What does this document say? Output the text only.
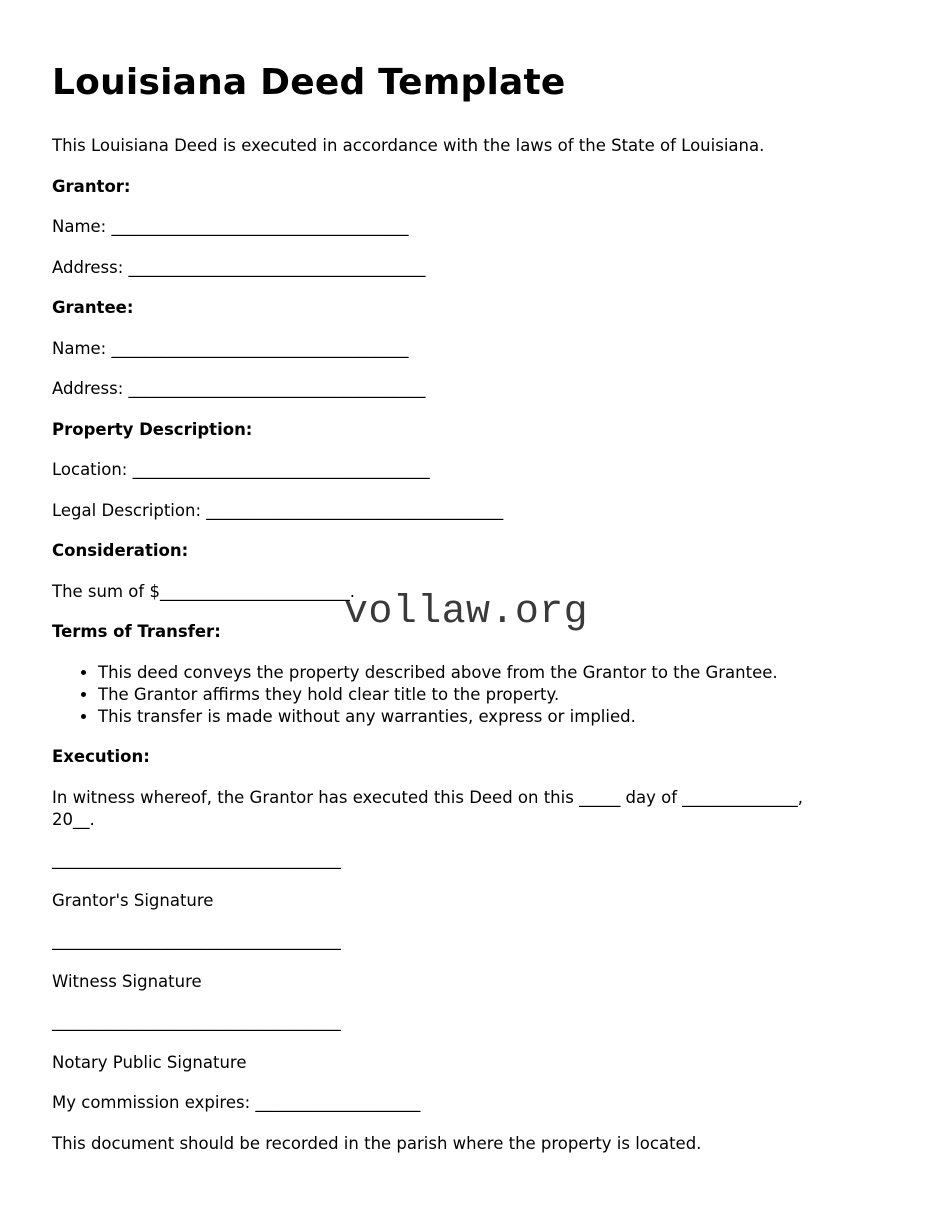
Louisiana Deed Template

This Louisiana Deed is executed in accordance with the laws of the State of Louisiana.

Grantor:

Name: ____________________________________

Address: ____________________________________

Grantee:

Name: ____________________________________

Address: ____________________________________

Property Description:

Location: ____________________________________

Legal Description: ____________________________________

Consideration:

The sum of $_______________________.

Terms of Transfer:

• This deed conveys the property described above from the Grantor to the Grantee.
• The Grantor affirms they hold clear title to the property.
• This transfer is made without any warranties, express or implied.

Execution:

In witness whereof, the Grantor has executed this Deed on this _____ day of ______________,
20__.

___________________________________

Grantor's Signature

___________________________________

Witness Signature

___________________________________

Notary Public Signature

My commission expires: ____________________

This document should be recorded in the parish where the property is located.

vollaw.org
